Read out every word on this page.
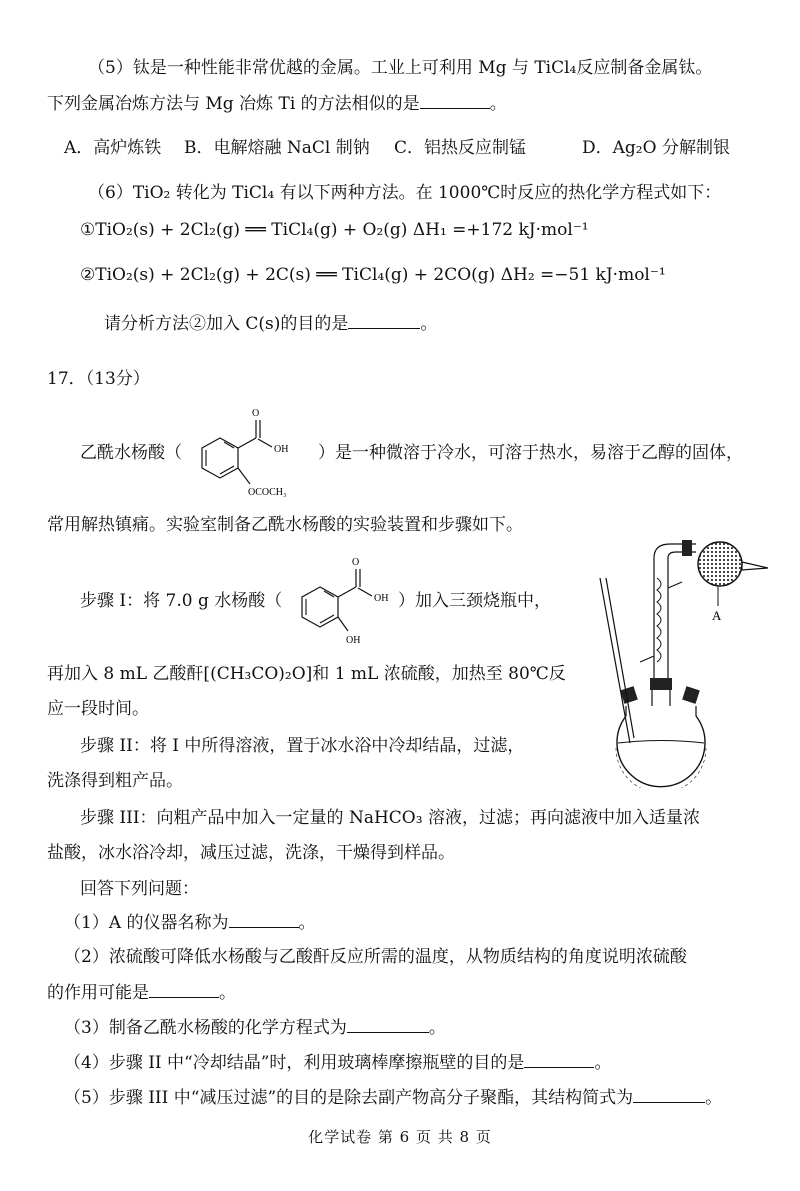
（5）钛是一种性能非常优越的金属。工业上可利用 Mg 与 TiCl₄反应制备金属钛。
下列金属冶炼方法与 Mg 冶炼 Ti 的方法相似的是	。
A．高炉炼铁 B．电解熔融 NaCl 制钠 C．铝热反应制锰	D．Ag₂O 分解制银
（6）TiO₂ 转化为 TiCl₄ 有以下两种方法。在 1000℃时反应的热化学方程式如下：
①TiO₂(s) + 2Cl₂(g) ══ TiCl₄(g) + O₂(g) ΔH₁ =+172 kJ·mol⁻¹
②TiO₂(s) + 2Cl₂(g) + 2C(s) ══ TiCl₄(g) + 2CO(g) ΔH₂ =−51 kJ·mol⁻¹
请分析方法②加入 C(s)的目的是	。
17．（13分）
乙酰水杨酸（
O
OH
OCOCH₃
）是一种微溶于冷水，可溶于热水，易溶于乙醇的固体，
常用解热镇痛。实验室制备乙酰水杨酸的实验装置和步骤如下。
步骤 I：将 7.0 g 水杨酸（
O
OH
OH
）加入三颈烧瓶中，
再加入 8 mL 乙酸酐[(CH₃CO)₂O]和 1 mL 浓硫酸，加热至 80℃反
应一段时间。
步骤 II：将 I 中所得溶液，置于冰水浴中冷却结晶，过滤，
洗涤得到粗产品。
A
步骤 III：向粗产品中加入一定量的 NaHCO₃ 溶液，过滤；再向滤液中加入适量浓
盐酸，冰水浴冷却，减压过滤，洗涤，干燥得到样品。
回答下列问题：
（1）A 的仪器名称为	。
（2）浓硫酸可降低水杨酸与乙酸酐反应所需的温度，从物质结构的角度说明浓硫酸
的作用可能是	。
（3）制备乙酰水杨酸的化学方程式为	。
（4）步骤 II 中“冷却结晶”时，利用玻璃棒摩擦瓶壁的目的是	。
（5）步骤 III 中“减压过滤”的目的是除去副产物高分子聚酯，其结构简式为	。
化学试卷 第 6 页 共 8 页
